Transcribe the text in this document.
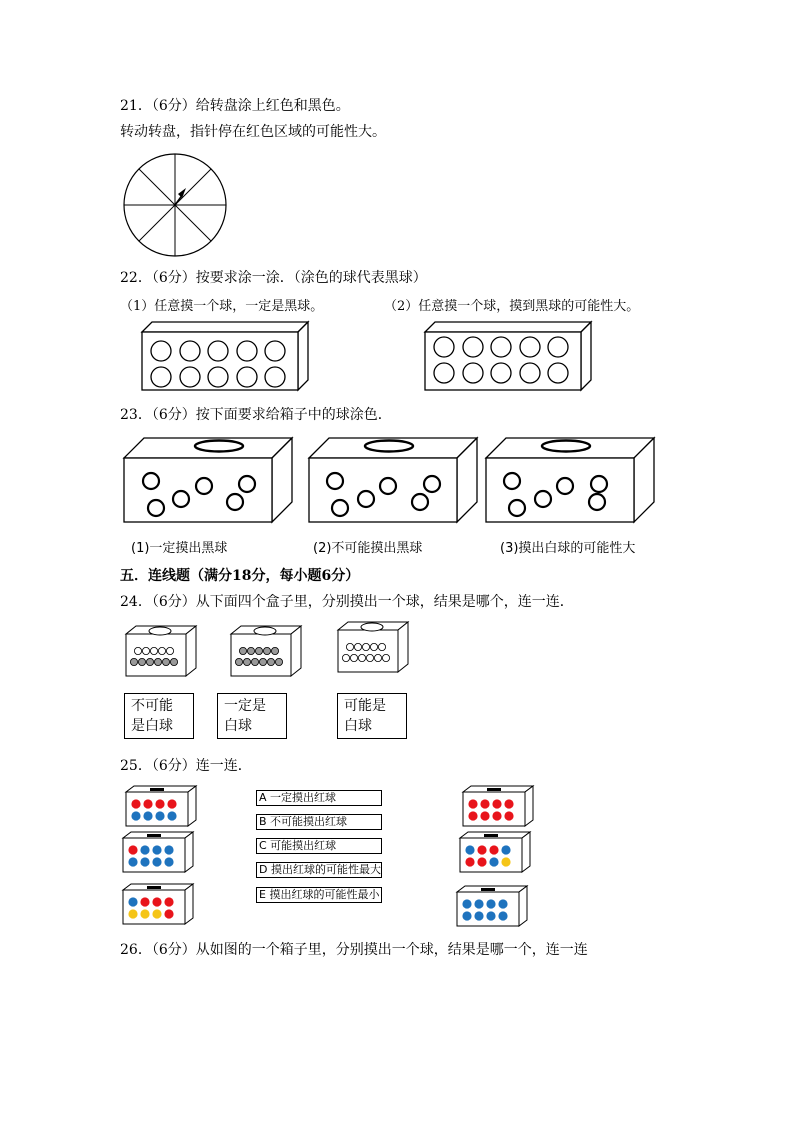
21．（6分）给转盘涂上红色和黑色。
转动转盘，指针停在红色区域的可能性大。
22．（6分）按要求涂一涂．（涂色的球代表黑球）
（1）任意摸一个球，一定是黑球。	（2）任意摸一个球，摸到黑球的可能性大。
23．（6分）按下面要求给箱子中的球涂色．
(1)一定摸出黑球	(2)不可能摸出黑球	(3)摸出白球的可能性大
五．连线题（满分18分，每小题6分）
24．（6分）从下面四个盒子里，分别摸出一个球，结果是哪个，连一连．
不可能
是白球
一定是
白球
可能是
白球
25．（6分）连一连．
A 一定摸出红球
B 不可能摸出红球
C 可能摸出红球
D 摸出红球的可能性最大
E 摸出红球的可能性最小
26．（6分）从如图的一个箱子里，分别摸出一个球，结果是哪一个，连一连
